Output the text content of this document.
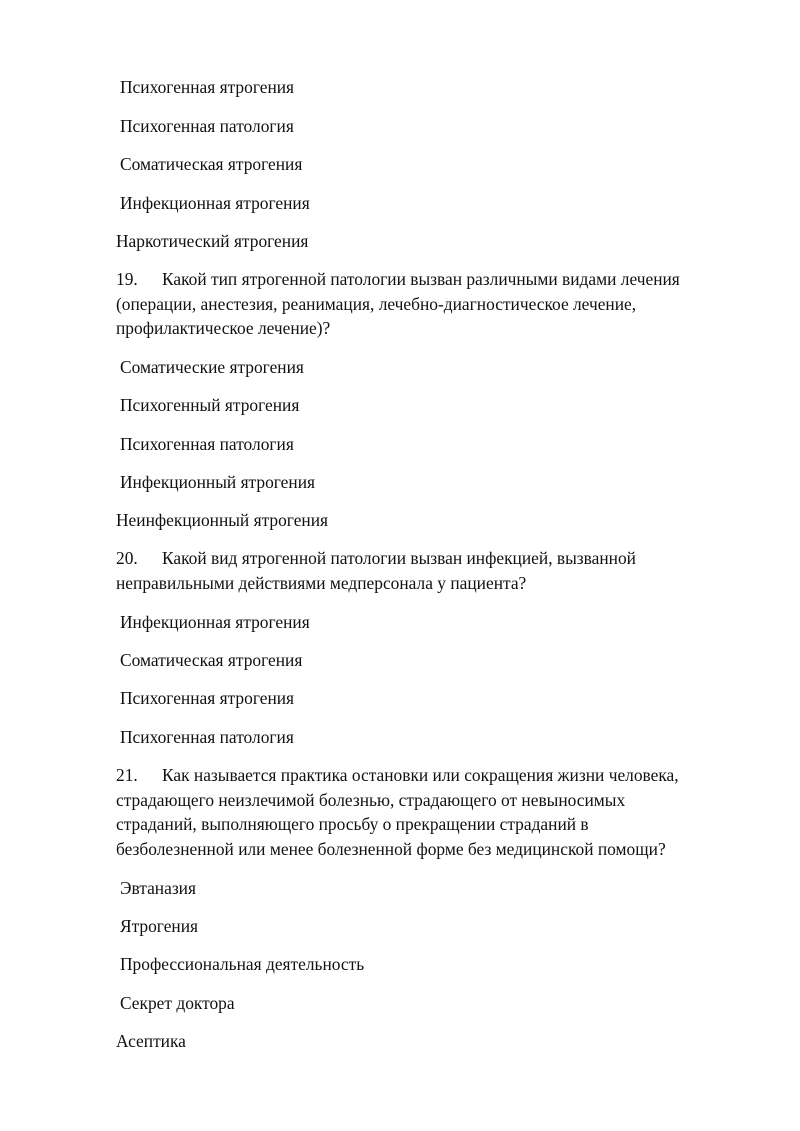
Психогенная ятрогения

Психогенная патология

Соматическая ятрогения

Инфекционная ятрогения

Наркотический ятрогения

19. Какой тип ятрогенной патологии вызван различными видами лечения

(операции, анестезия, реанимация, лечебно-диагностическое лечение,

профилактическое лечение)?

Соматические ятрогения

Психогенный ятрогения

Психогенная патология

Инфекционный ятрогения

Неинфекционный ятрогения

20. Какой вид ятрогенной патологии вызван инфекцией, вызванной

неправильными действиями медперсонала у пациента?

Инфекционная ятрогения

Соматическая ятрогения

Психогенная ятрогения

Психогенная патология

21. Как называется практика остановки или сокращения жизни человека,

страдающего неизлечимой болезнью, страдающего от невыносимых

страданий, выполняющего просьбу о прекращении страданий в

безболезненной или менее болезненной форме без медицинской помощи?

Эвтаназия

Ятрогения

Профессиональная деятельность

Секрет доктора

Асептика
